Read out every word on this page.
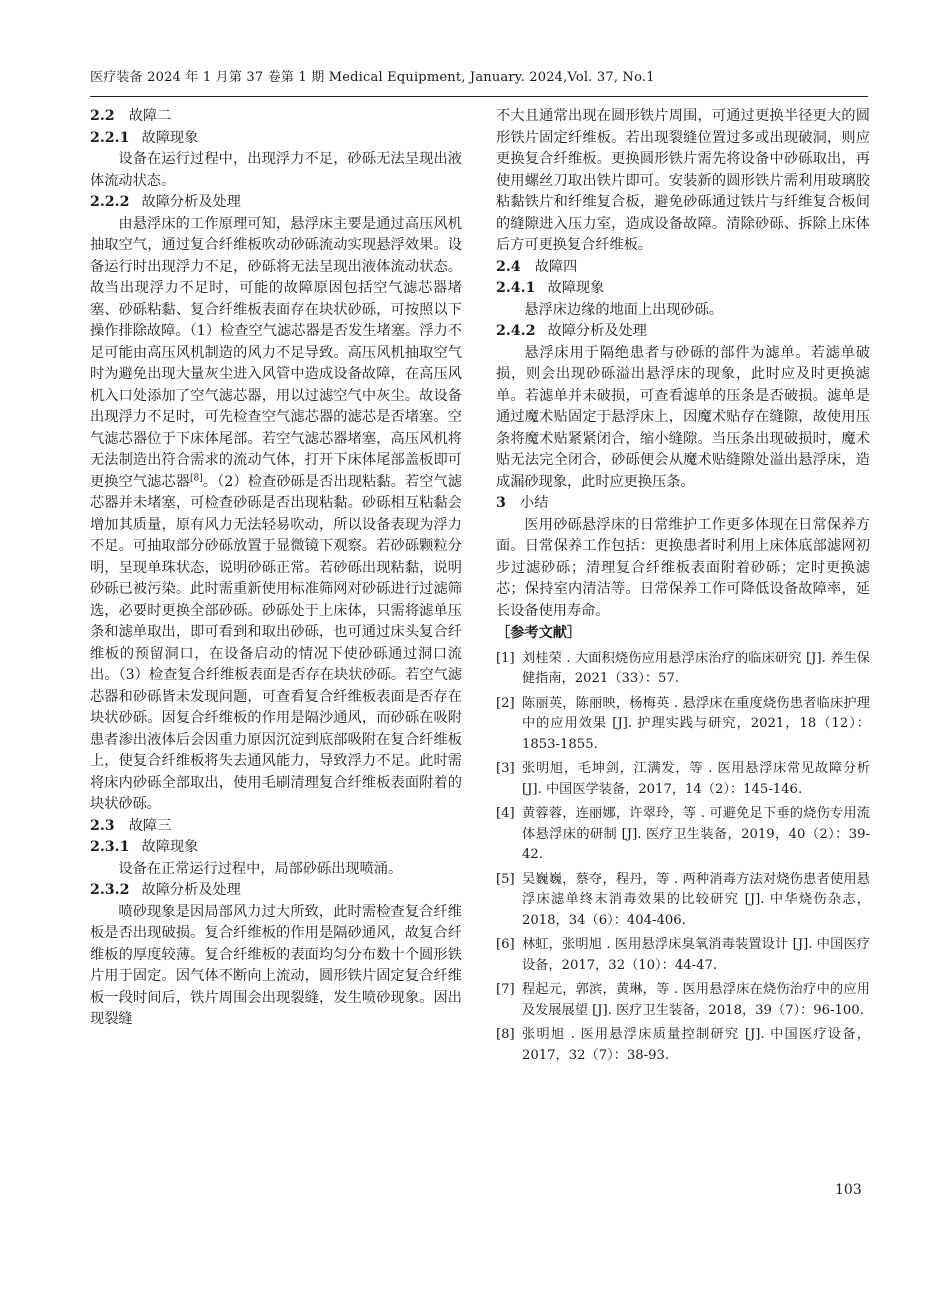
医疗装备 2024 年 1 月第 37 卷第 1 期 Medical Equipment, January. 2024,Vol. 37, No.1
2.2 故障二
2.2.1 故障现象

设备在运行过程中，出现浮力不足，砂砾无法呈现出液体流动状态。

2.2.2 故障分析及处理

由悬浮床的工作原理可知，悬浮床主要是通过高压风机抽取空气，通过复合纤维板吹动砂砾流动实现悬浮效果。设备运行时出现浮力不足，砂砾将无法呈现出液体流动状态。故当出现浮力不足时，可能的故障原因包括空气滤芯器堵塞、砂砾粘黏、复合纤维板表面存在块状砂砾，可按照以下操作排除故障。（1）检查空气滤芯器是否发生堵塞。浮力不足可能由高压风机制造的风力不足导致。高压风机抽取空气时为避免出现大量灰尘进入风管中造成设备故障，在高压风机入口处添加了空气滤芯器，用以过滤空气中灰尘。故设备出现浮力不足时，可先检查空气滤芯器的滤芯是否堵塞。空气滤芯器位于下床体尾部。若空气滤芯器堵塞，高压风机将无法制造出符合需求的流动气体，打开下床体尾部盖板即可更换空气滤芯器[8]。（2）检查砂砾是否出现粘黏。若空气滤芯器并未堵塞，可检查砂砾是否出现粘黏。砂砾相互粘黏会增加其质量，原有风力无法轻易吹动，所以设备表现为浮力不足。可抽取部分砂砾放置于显微镜下观察。若砂砾颗粒分明，呈现单珠状态，说明砂砾正常。若砂砾出现粘黏，说明砂砾已被污染。此时需重新使用标准筛网对砂砾进行过滤筛选，必要时更换全部砂砾。砂砾处于上床体，只需将滤单压条和滤单取出，即可看到和取出砂砾，也可通过床头复合纤维板的预留洞口，在设备启动的情况下使砂砾通过洞口流出。（3）检查复合纤维板表面是否存在块状砂砾。若空气滤芯器和砂砾皆未发现问题，可查看复合纤维板表面是否存在块状砂砾。因复合纤维板的作用是隔沙通风，而砂砾在吸附患者渗出液体后会因重力原因沉淀到底部吸附在复合纤维板上，使复合纤维板将失去通风能力，导致浮力不足。此时需将床内砂砾全部取出，使用毛刷清理复合纤维板表面附着的块状砂砾。

2.3 故障三
2.3.1 故障现象

设备在正常运行过程中，局部砂砾出现喷涌。

2.3.2 故障分析及处理

喷砂现象是因局部风力过大所致，此时需检查复合纤维板是否出现破损。复合纤维板的作用是隔砂通风，故复合纤维板的厚度较薄。复合纤维板的表面均匀分布数十个圆形铁片用于固定。因气体不断向上流动，圆形铁片固定复合纤维板一段时间后，铁片周围会出现裂缝，发生喷砂现象。因出现裂缝

不大且通常出现在圆形铁片周围，可通过更换半径更大的圆形铁片固定纤维板。若出现裂缝位置过多或出现破洞，则应更换复合纤维板。更换圆形铁片需先将设备中砂砾取出，再使用螺丝刀取出铁片即可。安装新的圆形铁片需利用玻璃胶粘黏铁片和纤维复合板，避免砂砾通过铁片与纤维复合板间的缝隙进入压力室，造成设备故障。清除砂砾、拆除上床体后方可更换复合纤维板。

2.4 故障四
2.4.1 故障现象

悬浮床边缘的地面上出现砂砾。

2.4.2 故障分析及处理

悬浮床用于隔绝患者与砂砾的部件为滤单。若滤单破损，则会出现砂砾溢出悬浮床的现象，此时应及时更换滤单。若滤单并未破损，可查看滤单的压条是否破损。滤单是通过魔术贴固定于悬浮床上，因魔术贴存在缝隙，故使用压条将魔术贴紧紧闭合，缩小缝隙。当压条出现破损时，魔术贴无法完全闭合，砂砾便会从魔术贴缝隙处溢出悬浮床，造成漏砂现象，此时应更换压条。

3 小结

医用砂砾悬浮床的日常维护工作更多体现在日常保养方面。日常保养工作包括：更换患者时利用上床体底部滤网初步过滤砂砾；清理复合纤维板表面附着砂砾；定时更换滤芯；保持室内清洁等。日常保养工作可降低设备故障率，延长设备使用寿命。

［参考文献］
[1] 刘桂荣 . 大面积烧伤应用悬浮床治疗的临床研究 [J]. 养生保健指南，2021（33）：57.
[2] 陈丽英，陈丽映，杨梅英 . 悬浮床在重度烧伤患者临床护理中的应用效果 [J]. 护理实践与研究，2021，18（12）：1853-1855.
[3] 张明旭，毛坤剑，江满发，等 . 医用悬浮床常见故障分析 [J]. 中国医学装备，2017，14（2）：145-146.
[4] 黄蓉蓉，连丽娜，许翠玲，等 . 可避免足下垂的烧伤专用流体悬浮床的研制 [J]. 医疗卫生装备，2019，40（2）：39-42.
[5] 吴巍巍，蔡夺，程丹，等 . 两种消毒方法对烧伤患者使用悬浮床滤单终末消毒效果的比较研究 [J]. 中华烧伤杂志，2018，34（6）：404-406.
[6] 林虹，张明旭 . 医用悬浮床臭氧消毒装置设计 [J]. 中国医疗设备，2017，32（10）：44-47.
[7] 程起元，郭滨，黄琳，等 . 医用悬浮床在烧伤治疗中的应用及发展展望 [J]. 医疗卫生装备，2018，39（7）：96-100.
[8] 张明旭 . 医用悬浮床质量控制研究 [J]. 中国医疗设备，2017，32（7）：38-93.
103
